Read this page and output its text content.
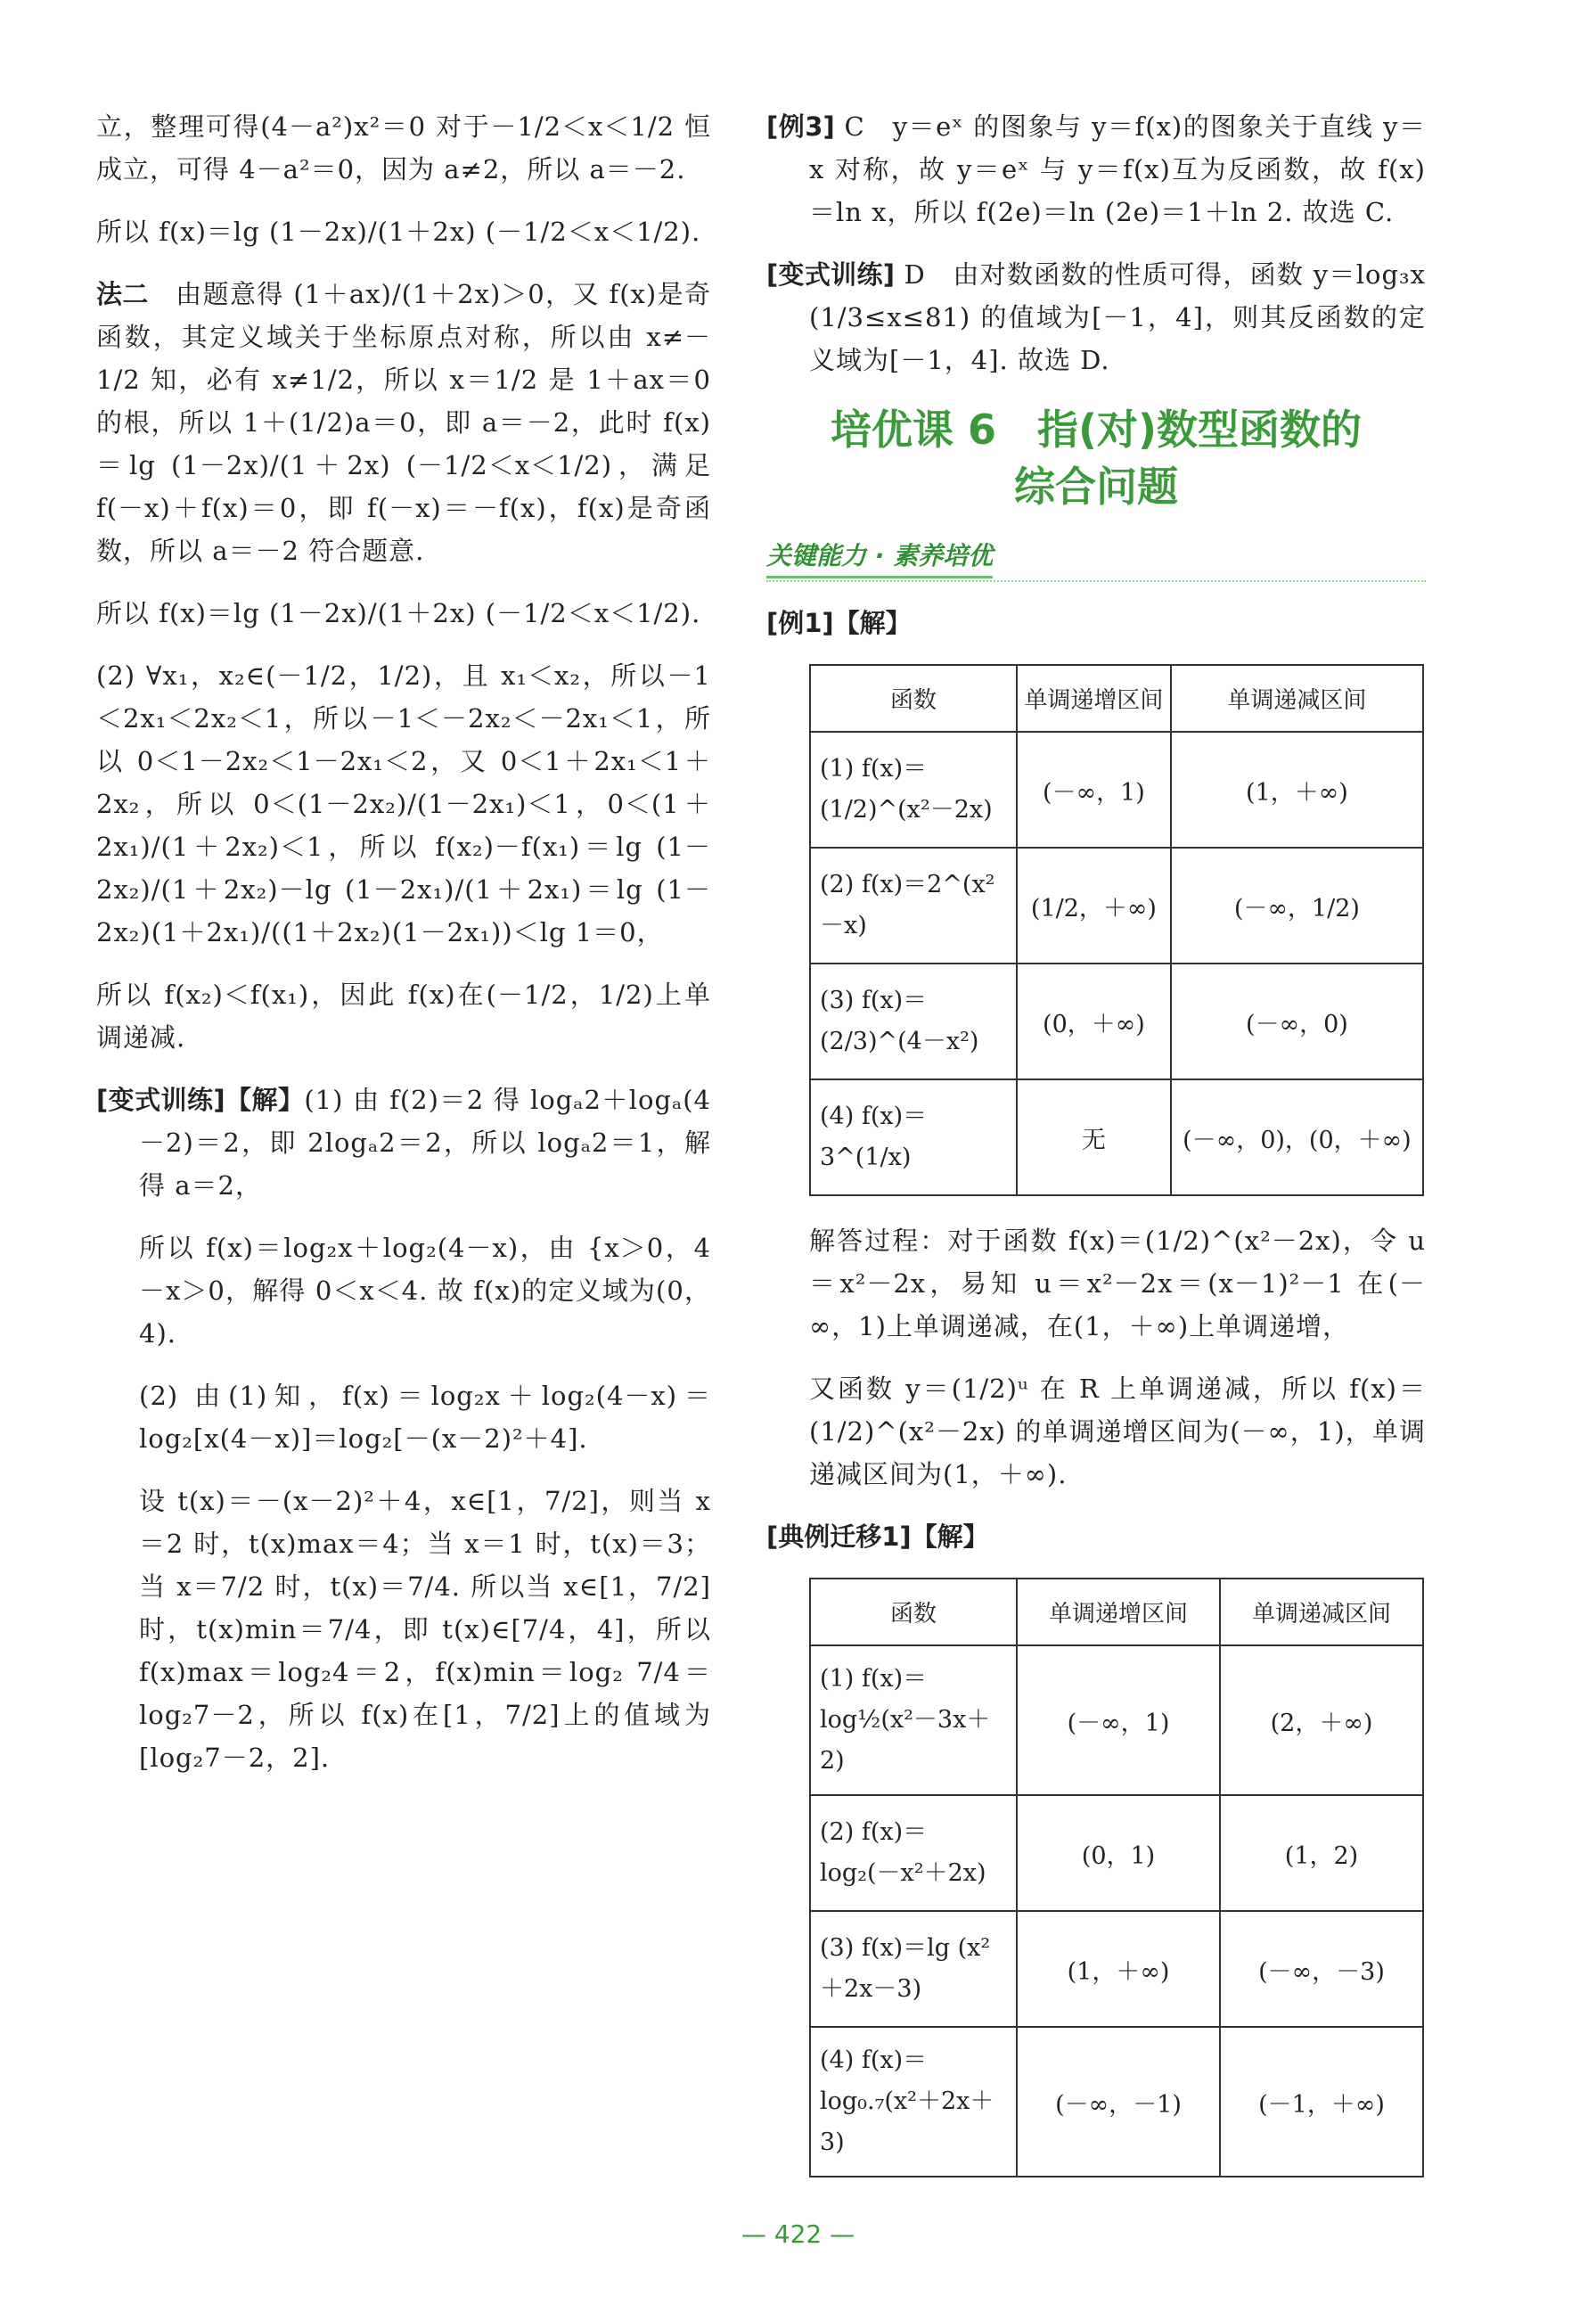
立，整理可得(4－a²)x²＝0 对于－1/2＜x＜1/2 恒成立，可得 4－a²＝0，因为 a≠2，所以 a＝－2.

所以 f(x)＝lg (1－2x)/(1＋2x) (－1/2＜x＜1/2).

法二　 由题意得 (1＋ax)/(1＋2x)＞0，又 f(x)是奇函数，其定义域关于坐标原点对称，所以由 x≠－1/2 知，必有 x≠1/2，所以 x＝1/2 是 1＋ax＝0 的根，所以 1＋(1/2)a＝0，即 a＝－2，此时 f(x)＝lg (1－2x)/(1＋2x) (－1/2＜x＜1/2)，满足 f(－x)＋f(x)＝0，即 f(－x)＝－f(x)，f(x)是奇函数，所以 a＝－2 符合题意.

所以 f(x)＝lg (1－2x)/(1＋2x) (－1/2＜x＜1/2).

(2) ∀x₁，x₂∈(－1/2，1/2)，且 x₁＜x₂，所以－1＜2x₁＜2x₂＜1，所以－1＜－2x₂＜－2x₁＜1，所以 0＜1－2x₂＜1－2x₁＜2，又 0＜1＋2x₁＜1＋2x₂，所以 0＜(1－2x₂)/(1－2x₁)＜1，0＜(1＋2x₁)/(1＋2x₂)＜1，所以 f(x₂)－f(x₁)＝lg (1－2x₂)/(1＋2x₂)－lg (1－2x₁)/(1＋2x₁)＝lg (1－2x₂)(1＋2x₁)/((1＋2x₂)(1－2x₁))＜lg 1＝0，

所以 f(x₂)＜f(x₁)，因此 f(x)在(－1/2，1/2)上单调递减.

[变式训练]【解】(1) 由 f(2)＝2 得 logₐ2＋logₐ(4－2)＝2，即 2logₐ2＝2，所以 logₐ2＝1，解得 a＝2，

所以 f(x)＝log₂x＋log₂(4－x)，由 {x＞0，4－x＞0，解得 0＜x＜4. 故 f(x)的定义域为(0，4).

(2) 由(1)知，f(x)＝log₂x＋log₂(4－x)＝log₂[x(4－x)]＝log₂[－(x－2)²＋4].

设 t(x)＝－(x－2)²＋4，x∈[1，7/2]，则当 x＝2 时，t(x)max＝4；当 x＝1 时，t(x)＝3；当 x＝7/2 时，t(x)＝7/4. 所以当 x∈[1，7/2]时，t(x)min＝7/4，即 t(x)∈[7/4，4]，所以 f(x)max＝log₂4＝2，f(x)min＝log₂ 7/4＝log₂7－2，所以 f(x)在[1，7/2]上的值域为[log₂7－2，2].

[例3] C　y＝eˣ 的图象与 y＝f(x)的图象关于直线 y＝x 对称，故 y＝eˣ 与 y＝f(x)互为反函数，故 f(x)＝ln x，所以 f(2e)＝ln (2e)＝1＋ln 2. 故选 C.

[变式训练] D　由对数函数的性质可得，函数 y＝log₃x (1/3≤x≤81) 的值域为[－1，4]，则其反函数的定义域为[－1，4]. 故选 D.

培优课 6　指(对)数型函数的
综合问题
关键能力 · 素养培优

[例1]【解】

函数	单调递增区间	单调递减区间
(1) f(x)＝(1/2)^(x²－2x)	(－∞，1)	(1，＋∞)
(2) f(x)＝2^(x²－x)	(1/2，＋∞)	(－∞，1/2)
(3) f(x)＝(2/3)^(4－x²)	(0，＋∞)	(－∞，0)
(4) f(x)＝3^(1/x)	无	(－∞，0)，(0，＋∞)

解答过程：对于函数 f(x)＝(1/2)^(x²－2x)，令 u＝x²－2x，易知 u＝x²－2x＝(x－1)²－1 在(－∞，1)上单调递减，在(1，＋∞)上单调递增，

又函数 y＝(1/2)ᵘ 在 R 上单调递减，所以 f(x)＝(1/2)^(x²－2x) 的单调递增区间为(－∞，1)，单调递减区间为(1，＋∞).

[典例迁移1]【解】

函数	单调递增区间	单调递减区间
(1) f(x)＝log½(x²－3x＋2)	(－∞，1)	(2，＋∞)
(2) f(x)＝log₂(－x²＋2x)	(0，1)	(1，2)
(3) f(x)＝lg (x²＋2x－3)	(1，＋∞)	(－∞，－3)
(4) f(x)＝log₀.₇(x²＋2x＋3)	(－∞，－1)	(－1，＋∞)
— 422 —
